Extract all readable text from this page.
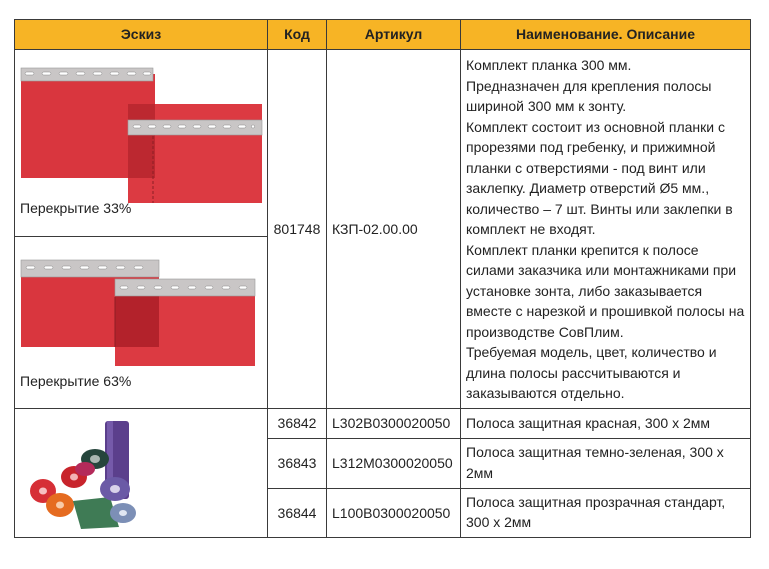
Эскиз	Код	Артикул	Наименование. Описание

Перекрытие 33%	801748	КЗП-02.00.00	Комплект планка 300 мм.
Предназначен для крепления полосы шириной 300 мм к зонту.
Комплект состоит из основной планки с прорезями под гребенку, и прижимной планки с отверстиями - под винт или заклепку. Диаметр отверстий Ø5 мм., количество – 7 шт. Винты или заклепки в комплект не входят.
Комплект планки крепится к полосе силами заказчика или монтажниками при установке зонта, либо заказывается вместе с нарезкой и прошивкой полосы на производстве СовПлим.
Требуемая модель, цвет, количество и длина полосы рассчитываются и заказываются отдельно.

Перекрытие 63%			

	36842	L302B0300020050	Полоса защитная красная, 300 х 2мм
	36843	L312M0300020050	Полоса защитная темно-зеленая, 300 х 2мм
	36844	L100B0300020050	Полоса защитная прозрачная стандарт, 300 х 2мм
